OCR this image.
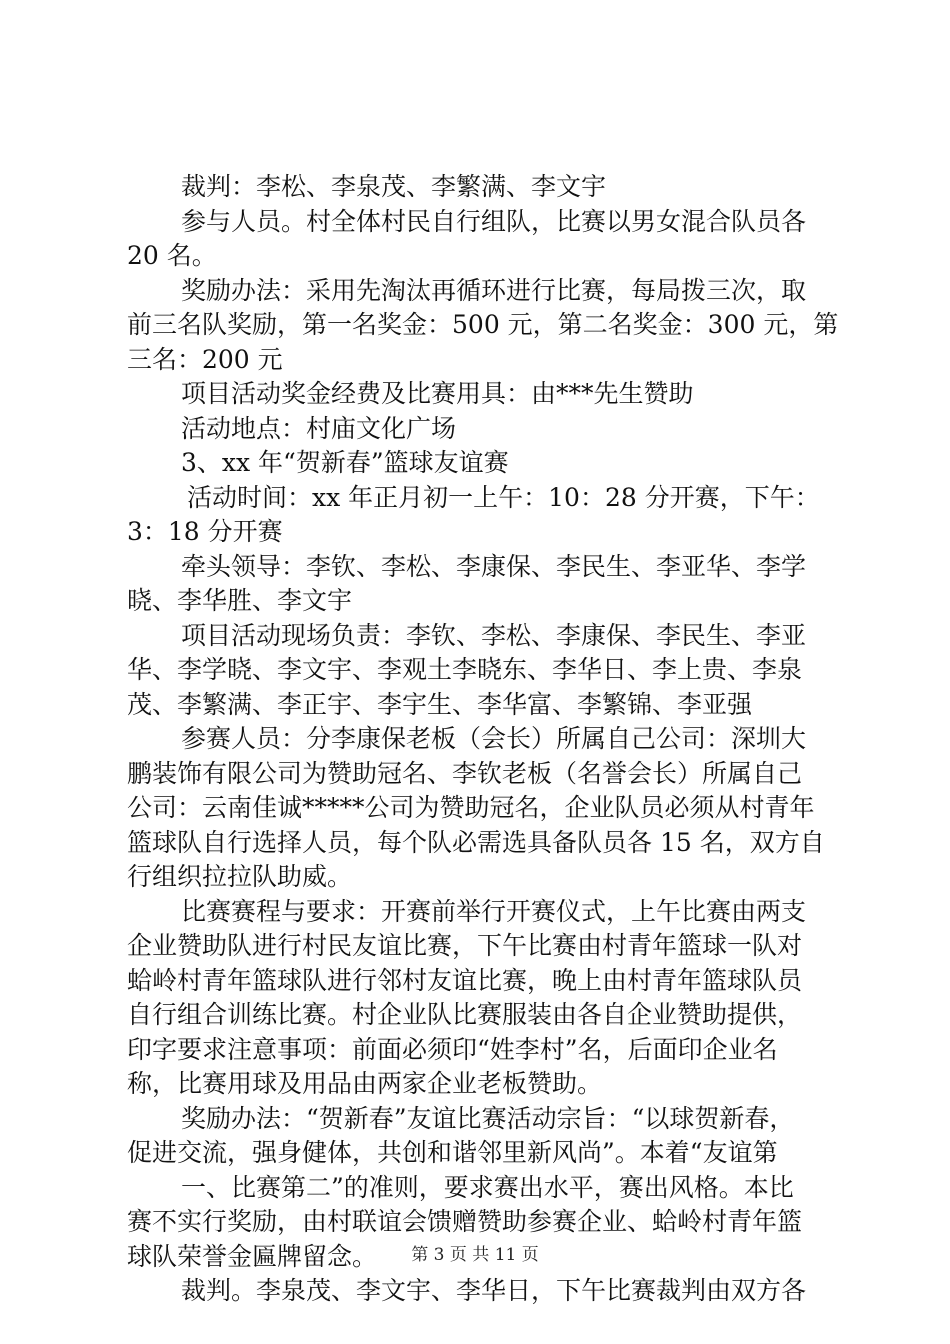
裁判：李松、李泉茂、李繁满、李文宇
参与人员。村全体村民自行组队，比赛以男女混合队员各
20 名。
奖励办法：采用先淘汰再循环进行比赛，每局拨三次，取
前三名队奖励，第一名奖金：500 元，第二名奖金：300 元，第
三名：200 元
项目活动奖金经费及比赛用具：由***先生赞助
活动地点：村庙文化广场
3、xx 年“贺新春”篮球友谊赛
活动时间：xx 年正月初一上午：10：28 分开赛，下午：
3：18 分开赛
牵头领导：李钦、李松、李康保、李民生、李亚华、李学
晓、李华胜、李文宇
项目活动现场负责：李钦、李松、李康保、李民生、李亚
华、李学晓、李文宇、李观土李晓东、李华日、李上贵、李泉
茂、李繁满、李正宇、李宇生、李华富、李繁锦、李亚强
参赛人员：分李康保老板（会长）所属自己公司：深圳大
鹏装饰有限公司为赞助冠名、李钦老板（名誉会长）所属自己
公司：云南佳诚*****公司为赞助冠名，企业队员必须从村青年
篮球队自行选择人员，每个队必需选具备队员各 15 名，双方自
行组织拉拉队助威。
比赛赛程与要求：开赛前举行开赛仪式，上午比赛由两支
企业赞助队进行村民友谊比赛，下午比赛由村青年篮球一队对
蛤岭村青年篮球队进行邻村友谊比赛，晚上由村青年篮球队员
自行组合训练比赛。村企业队比赛服装由各自企业赞助提供，
印字要求注意事项：前面必须印“姓李村”名，后面印企业名
称，比赛用球及用品由两家企业老板赞助。
奖励办法：“贺新春”友谊比赛活动宗旨：“以球贺新春，
促进交流，强身健体，共创和谐邻里新风尚”。本着“友谊第
一、比赛第二”的准则，要求赛出水平，赛出风格。本比
赛不实行奖励，由村联谊会馈赠赞助参赛企业、蛤岭村青年篮
球队荣誉金匾牌留念。
裁判。李泉茂、李文宇、李华日，下午比赛裁判由双方各
第 3 页 共 11 页
